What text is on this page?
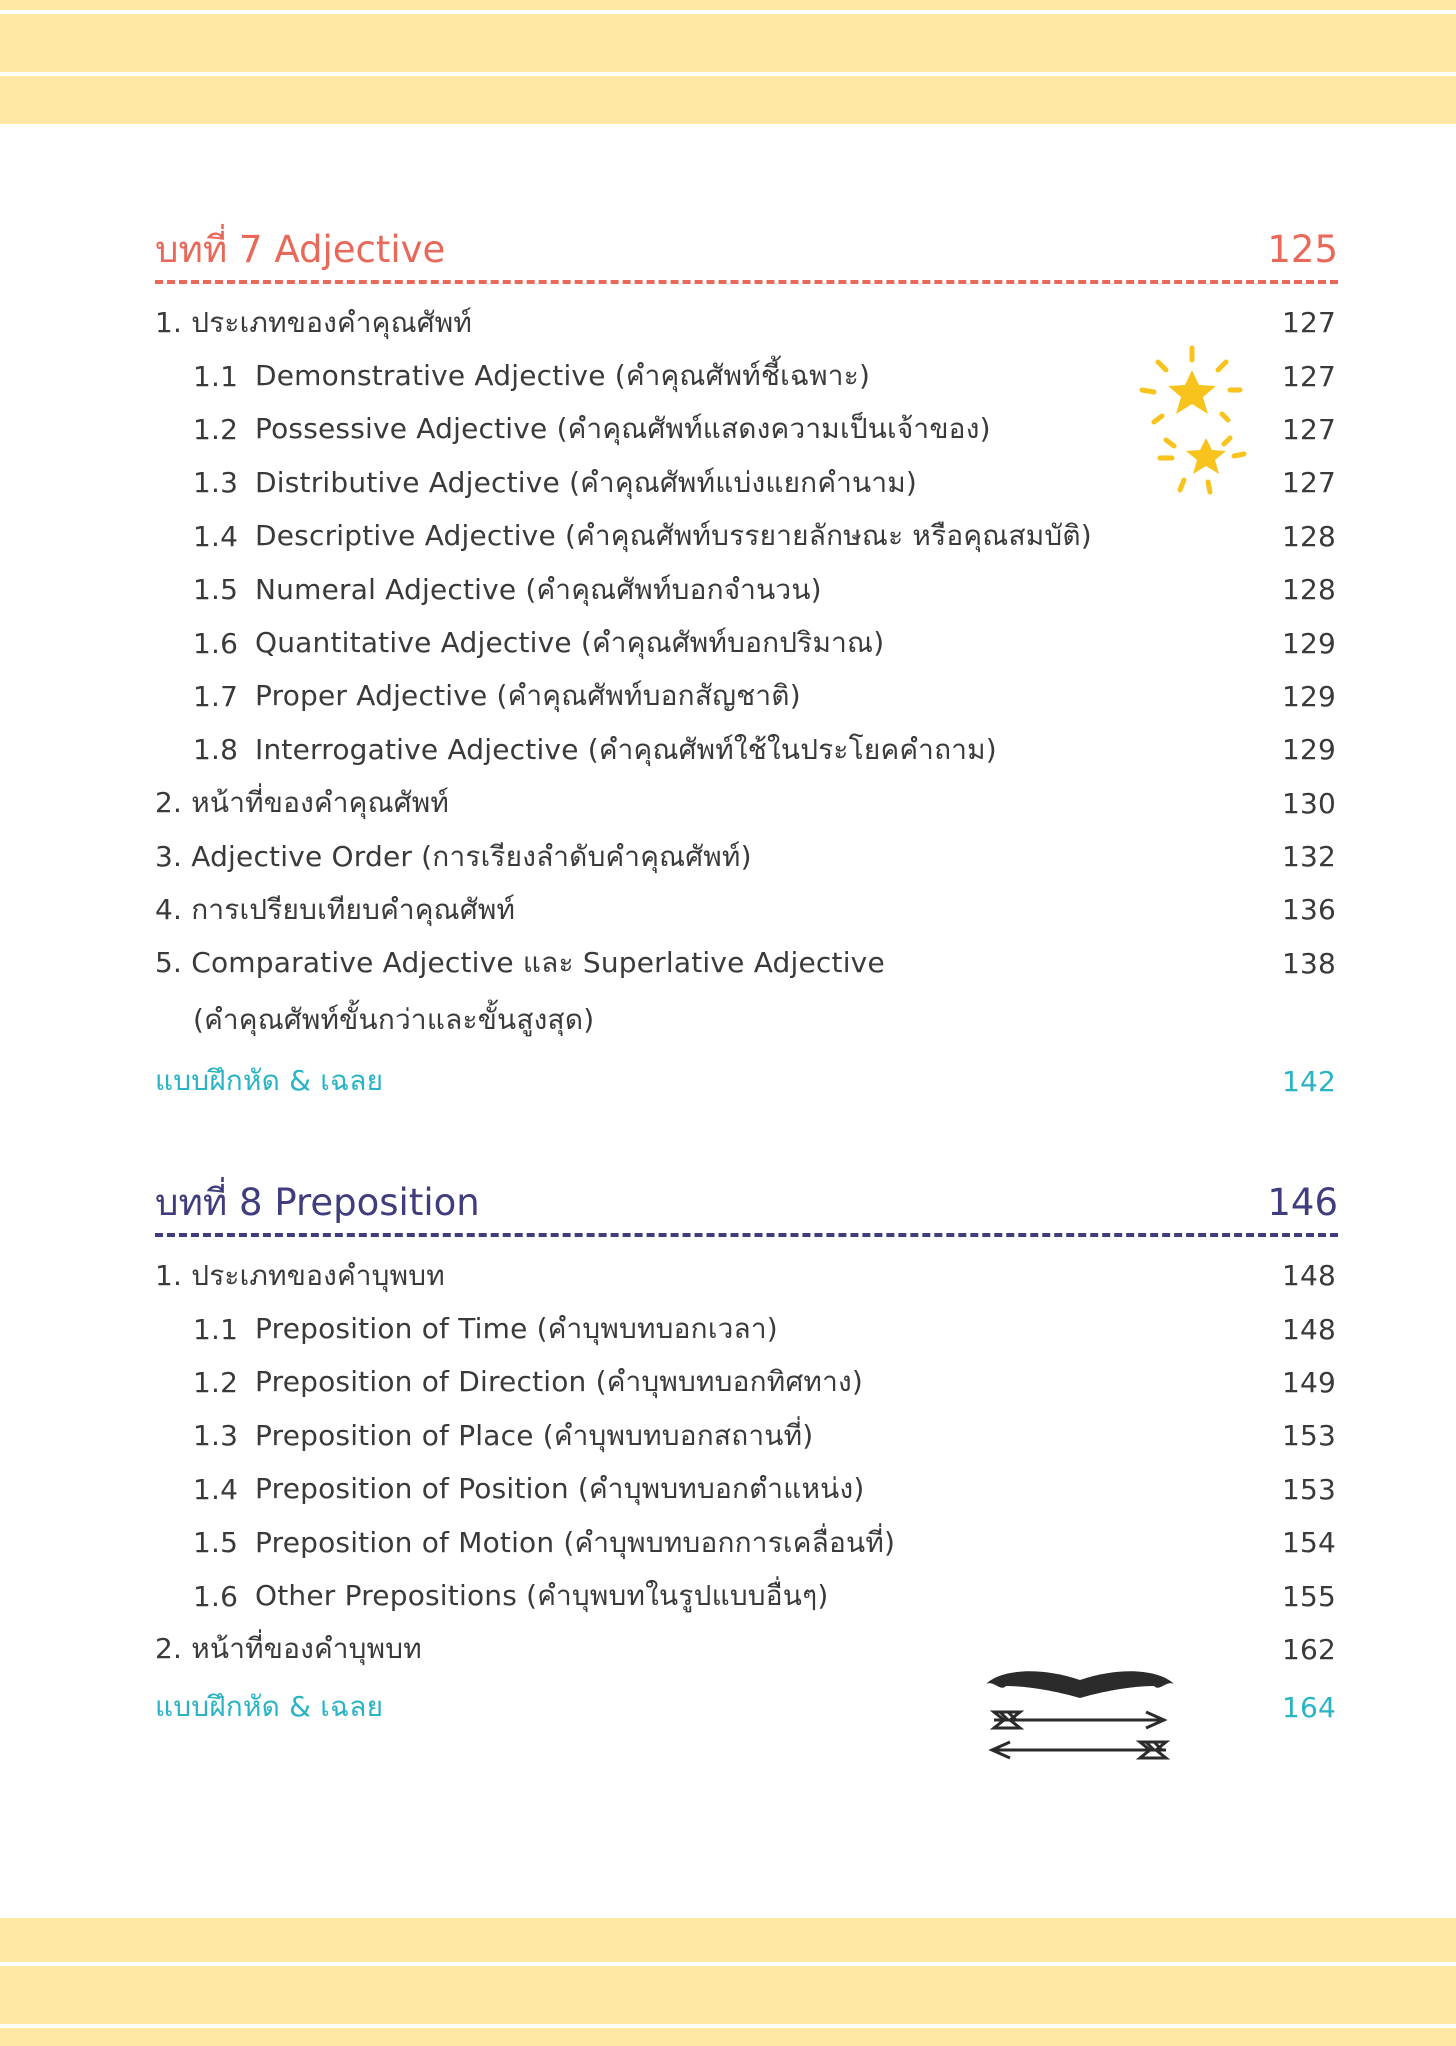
บทที่ 7 Adjective	125
1. ประเภทของคำคุณศัพท์	127
1.1 Demonstrative Adjective (คำคุณศัพท์ชี้เฉพาะ)	127
1.2 Possessive Adjective (คำคุณศัพท์แสดงความเป็นเจ้าของ)	127
1.3 Distributive Adjective (คำคุณศัพท์แบ่งแยกคำนาม)	127
1.4 Descriptive Adjective (คำคุณศัพท์บรรยายลักษณะ หรือคุณสมบัติ)	128
1.5 Numeral Adjective (คำคุณศัพท์บอกจำนวน)	128
1.6 Quantitative Adjective (คำคุณศัพท์บอกปริมาณ)	129
1.7 Proper Adjective (คำคุณศัพท์บอกสัญชาติ)	129
1.8 Interrogative Adjective (คำคุณศัพท์ใช้ในประโยคคำถาม)	129
2. หน้าที่ของคำคุณศัพท์	130
3. Adjective Order (การเรียงลำดับคำคุณศัพท์)	132
4. การเปรียบเทียบคำคุณศัพท์	136
5. Comparative Adjective และ Superlative Adjective	138
(คำคุณศัพท์ขั้นกว่าและขั้นสูงสุด)
แบบฝึกหัด & เฉลย	142
บทที่ 8 Preposition	146
1. ประเภทของคำบุพบท	148
1.1 Preposition of Time (คำบุพบทบอกเวลา)	148
1.2 Preposition of Direction (คำบุพบทบอกทิศทาง)	149
1.3 Preposition of Place (คำบุพบทบอกสถานที่)	153
1.4 Preposition of Position (คำบุพบทบอกตำแหน่ง)	153
1.5 Preposition of Motion (คำบุพบทบอกการเคลื่อนที่)	154
1.6 Other Prepositions (คำบุพบทในรูปแบบอื่นๆ)	155
2. หน้าที่ของคำบุพบท	162
แบบฝึกหัด & เฉลย	164
